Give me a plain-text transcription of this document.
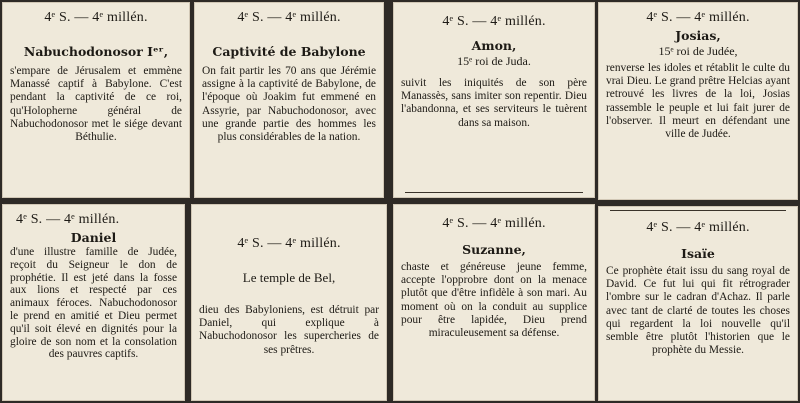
4ᵉ S. — 4ᵉ millén.
Nabuchodonosor Iᵉʳ,
s'empare de Jérusalem et emmène Manassé captif à Babylone. C'est pendant la captivité de ce roi, qu'Holopherne général de Nabuchodonosor met le siége devant Béthulie.
4ᵉ S. — 4ᵉ millén.
Captivité de Babylone
On fait partir les 70 ans que Jérémie assigne à la captivité de Babylone, de l'époque où Joakim fut emmené en Assyrie, par Nabuchodonosor, avec une grande partie des hommes les plus considérables de la nation.
4ᵉ S. — 4ᵉ millén.
Amon,
15ᵉ roi de Juda.
suivit les iniquités de son père Manassès, sans imiter son repentir. Dieu l'abandonna, et ses serviteurs le tuèrent dans sa maison.
4ᵉ S. — 4ᵉ millén.
Josias,
15ᵉ roi de Judée,
renverse les idoles et rétablit le culte du vrai Dieu. Le grand prêtre Helcias ayant retrouvé les livres de la loi, Josias rassemble le peuple et lui fait jurer de l'observer. Il meurt en défendant une ville de Judée.
4ᵉ S. — 4ᵉ millén.
Daniel
d'une illustre famille de Judée, reçoit du Seigneur le don de prophétie. Il est jeté dans la fosse aux lions et respecté par ces animaux féroces. Nabuchodonosor le prend en amitié et Dieu permet qu'il soit élevé en dignités pour la gloire de son nom et la consolation des pauvres captifs.
4ᵉ S. — 4ᵉ millén.
Le temple de Bel,
dieu des Babyloniens, est détruit par Daniel, qui explique à Nabuchodonosor les supercheries de ses prêtres.
4ᵉ S. — 4ᵉ millén.
Suzanne,
chaste et généreuse jeune femme, accepte l'opprobre dont on la menace plutôt que d'être infidèle à son mari. Au moment où on la conduit au supplice pour être lapidée, Dieu prend miraculeusement sa défense.
4ᵉ S. — 4ᵉ millén.
Isaïe
Ce prophète était issu du sang royal de David. Ce fut lui qui fit rétrograder l'ombre sur le cadran d'Achaz. Il parle avec tant de clarté de toutes les choses qui regardent la loi nouvelle qu'il semble être plutôt l'historien que le prophète du Messie.
